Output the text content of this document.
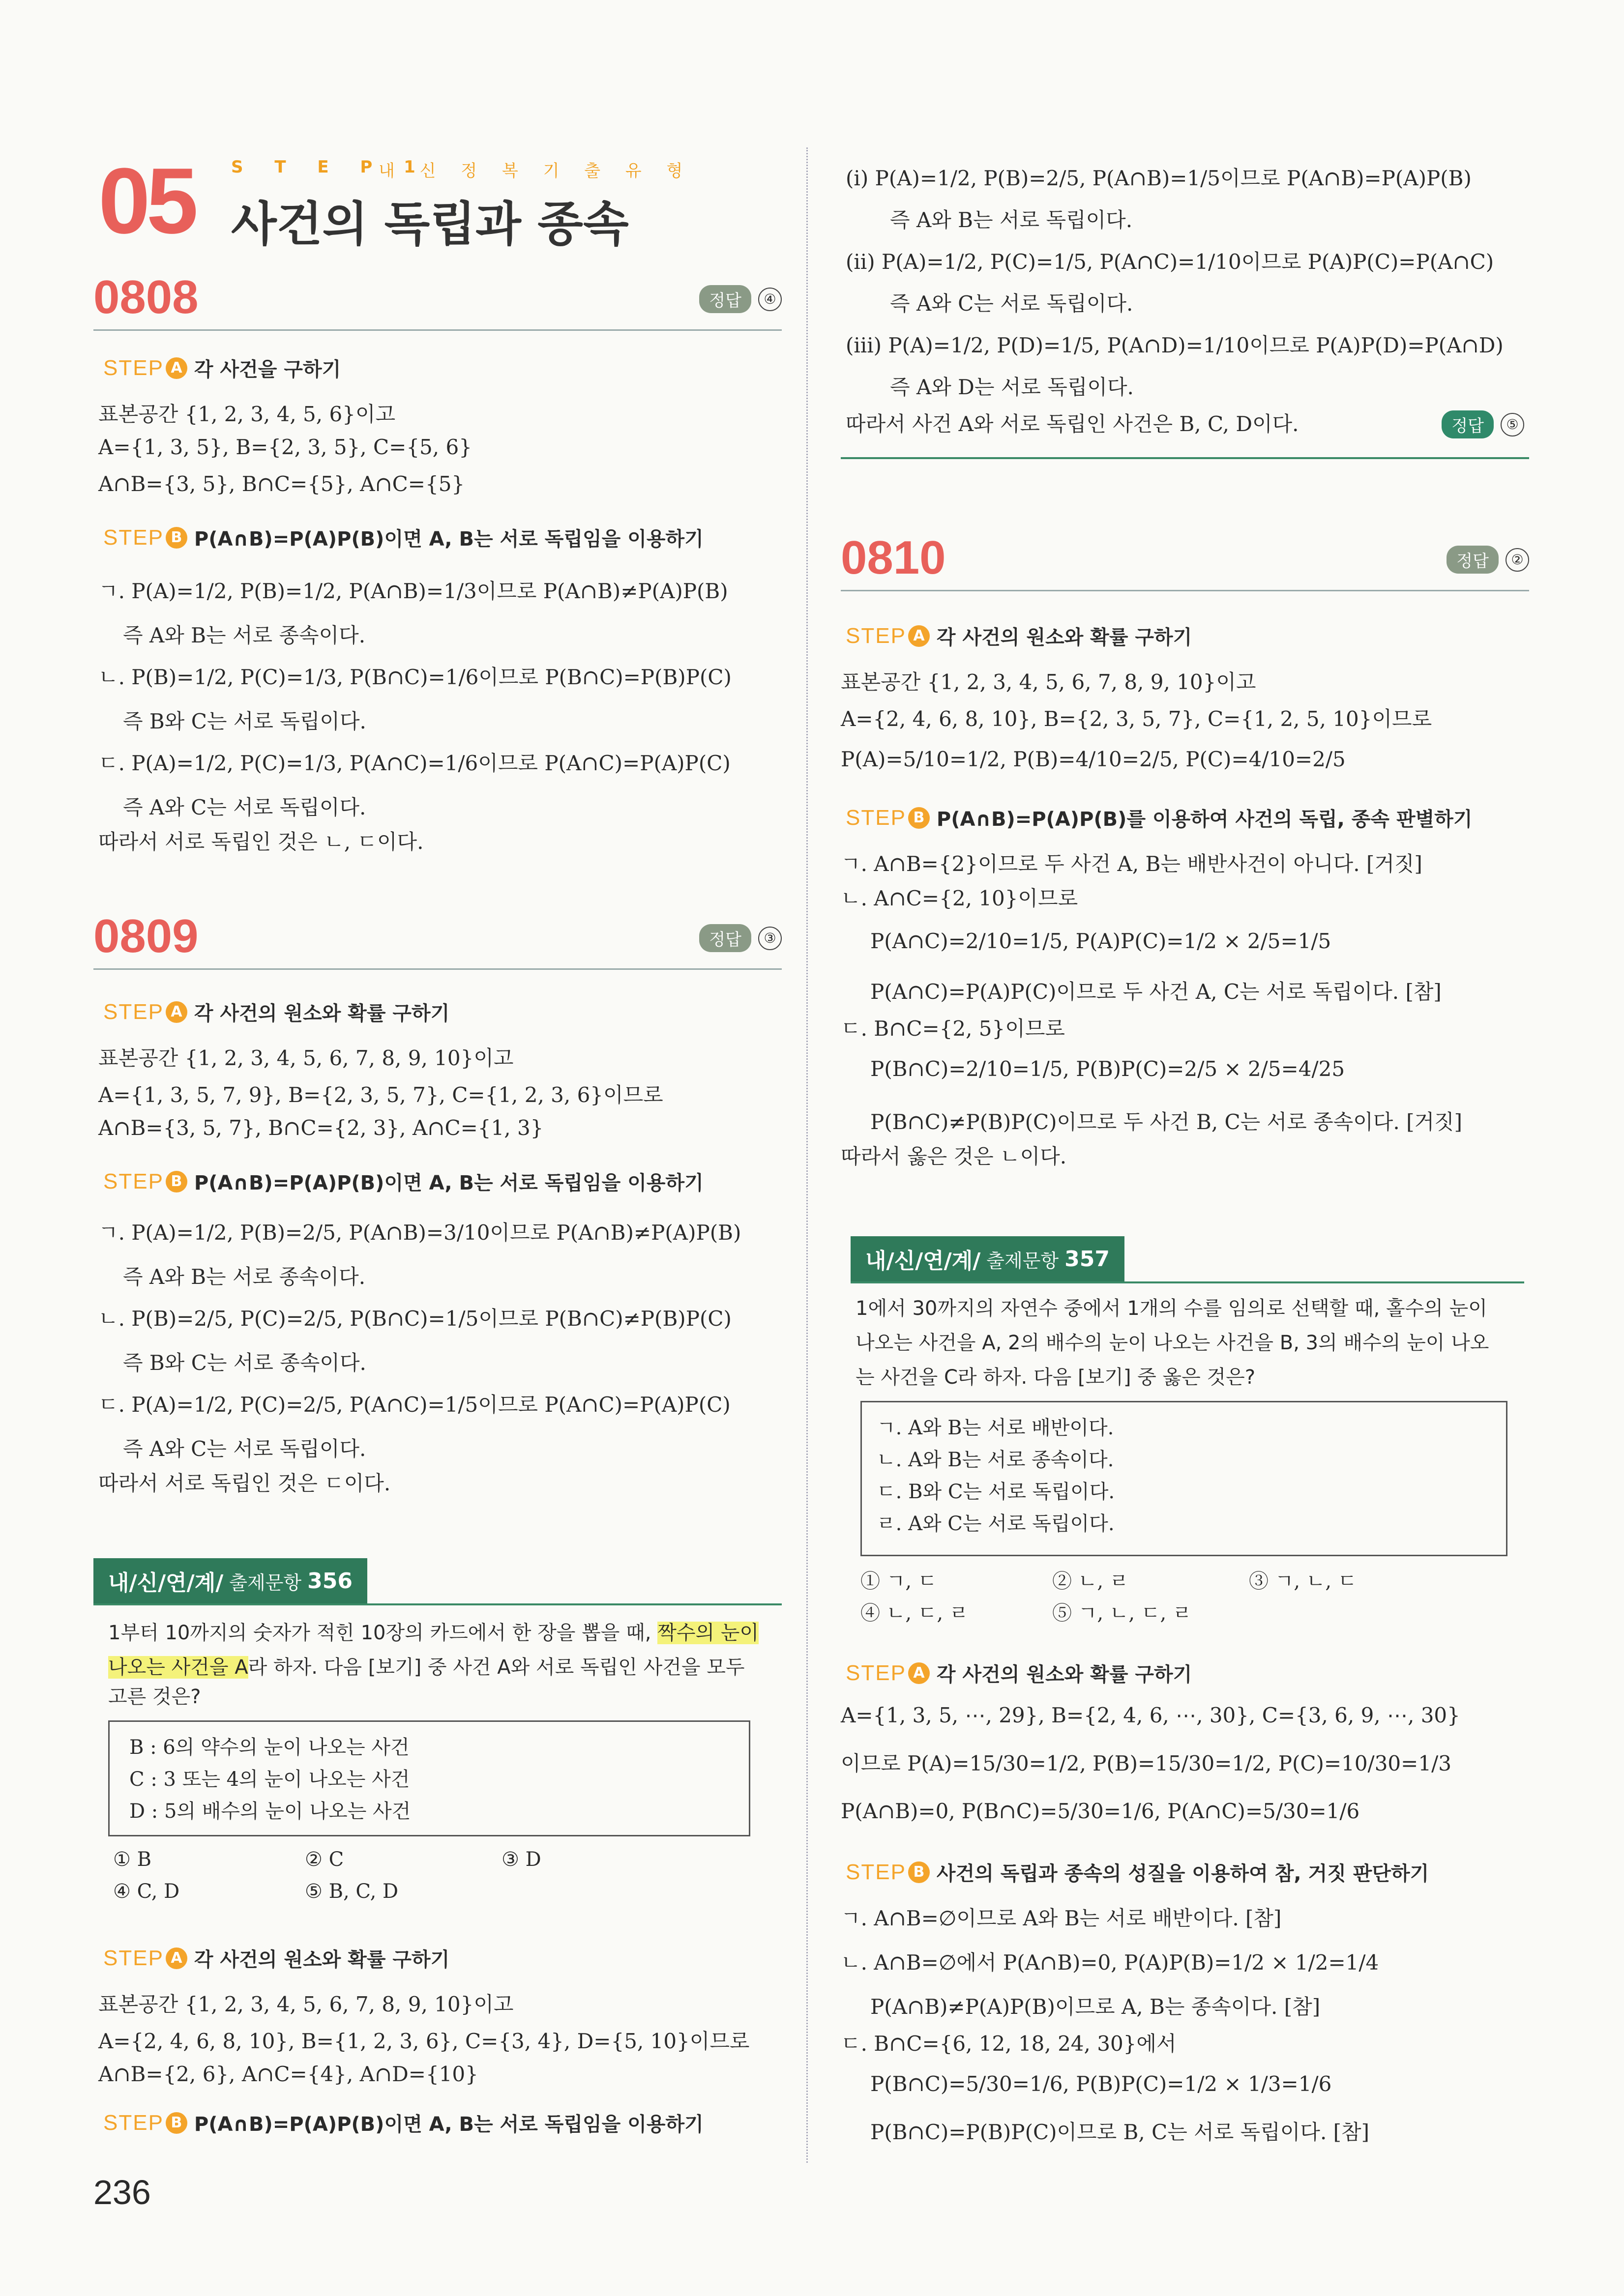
05 S T E P 1
내 신 정 복 기 출 유 형
사건의 독립과 종속
0808	정답	④
STEP A 각 사건을 구하기
표본공간 {1, 2, 3, 4, 5, 6}이고
A={1, 3, 5}, B={2, 3, 5}, C={5, 6}
A∩B={3, 5}, B∩C={5}, A∩C={5}
STEP B P(A∩B)=P(A)P(B)이면 A, B는 서로 독립임을 이용하기
ㄱ. P(A)=1/2, P(B)=1/2, P(A∩B)=1/3이므로 P(A∩B)≠P(A)P(B)
즉 A와 B는 서로 종속이다.
ㄴ. P(B)=1/2, P(C)=1/3, P(B∩C)=1/6이므로 P(B∩C)=P(B)P(C)
즉 B와 C는 서로 독립이다.
ㄷ. P(A)=1/2, P(C)=1/3, P(A∩C)=1/6이므로 P(A∩C)=P(A)P(C)
즉 A와 C는 서로 독립이다.
따라서 서로 독립인 것은 ㄴ, ㄷ이다.
0809	정답	③
STEP A 각 사건의 원소와 확률 구하기
표본공간 {1, 2, 3, 4, 5, 6, 7, 8, 9, 10}이고
A={1, 3, 5, 7, 9}, B={2, 3, 5, 7}, C={1, 2, 3, 6}이므로
A∩B={3, 5, 7}, B∩C={2, 3}, A∩C={1, 3}
STEP B P(A∩B)=P(A)P(B)이면 A, B는 서로 독립임을 이용하기
ㄱ. P(A)=1/2, P(B)=2/5, P(A∩B)=3/10이므로 P(A∩B)≠P(A)P(B)
즉 A와 B는 서로 종속이다.
ㄴ. P(B)=2/5, P(C)=2/5, P(B∩C)=1/5이므로 P(B∩C)≠P(B)P(C)
즉 B와 C는 서로 종속이다.
ㄷ. P(A)=1/2, P(C)=2/5, P(A∩C)=1/5이므로 P(A∩C)=P(A)P(C)
즉 A와 C는 서로 독립이다.
따라서 서로 독립인 것은 ㄷ이다.
내/신/연/계/ 출제문항 356
1부터 10까지의 숫자가 적힌 10장의 카드에서 한 장을 뽑을 때, 짝수의 눈이
나오는 사건을 A라 하자. 다음 [보기] 중 사건 A와 서로 독립인 사건을 모두
고른 것은?
B : 6의 약수의 눈이 나오는 사건
C : 3 또는 4의 눈이 나오는 사건
D : 5의 배수의 눈이 나오는 사건
① B	② C	③ D
④ C, D	⑤ B, C, D
STEP A 각 사건의 원소와 확률 구하기
표본공간 {1, 2, 3, 4, 5, 6, 7, 8, 9, 10}이고
A={2, 4, 6, 8, 10}, B={1, 2, 3, 6}, C={3, 4}, D={5, 10}이므로
A∩B={2, 6}, A∩C={4}, A∩D={10}
STEP B P(A∩B)=P(A)P(B)이면 A, B는 서로 독립임을 이용하기
(ⅰ) P(A)=1/2, P(B)=2/5, P(A∩B)=1/5이므로 P(A∩B)=P(A)P(B)
즉 A와 B는 서로 독립이다.
(ⅱ) P(A)=1/2, P(C)=1/5, P(A∩C)=1/10이므로 P(A)P(C)=P(A∩C)
즉 A와 C는 서로 독립이다.
(ⅲ) P(A)=1/2, P(D)=1/5, P(A∩D)=1/10이므로 P(A)P(D)=P(A∩D)
즉 A와 D는 서로 독립이다.
따라서 사건 A와 서로 독립인 사건은 B, C, D이다.	정답	⑤
0810	정답	②
STEP A 각 사건의 원소와 확률 구하기
표본공간 {1, 2, 3, 4, 5, 6, 7, 8, 9, 10}이고
A={2, 4, 6, 8, 10}, B={2, 3, 5, 7}, C={1, 2, 5, 10}이므로
P(A)=5/10=1/2, P(B)=4/10=2/5, P(C)=4/10=2/5
STEP B P(A∩B)=P(A)P(B)를 이용하여 사건의 독립, 종속 판별하기
ㄱ. A∩B={2}이므로 두 사건 A, B는 배반사건이 아니다. [거짓]
ㄴ. A∩C={2, 10}이므로
P(A∩C)=2/10=1/5, P(A)P(C)=1/2 × 2/5=1/5
P(A∩C)=P(A)P(C)이므로 두 사건 A, C는 서로 독립이다. [참]
ㄷ. B∩C={2, 5}이므로
P(B∩C)=2/10=1/5, P(B)P(C)=2/5 × 2/5=4/25
P(B∩C)≠P(B)P(C)이므로 두 사건 B, C는 서로 종속이다. [거짓]
따라서 옳은 것은 ㄴ이다.
내/신/연/계/ 출제문항 357
1에서 30까지의 자연수 중에서 1개의 수를 임의로 선택할 때, 홀수의 눈이
나오는 사건을 A, 2의 배수의 눈이 나오는 사건을 B, 3의 배수의 눈이 나오
는 사건을 C라 하자. 다음 [보기] 중 옳은 것은?
ㄱ. A와 B는 서로 배반이다.
ㄴ. A와 B는 서로 종속이다.
ㄷ. B와 C는 서로 독립이다.
ㄹ. A와 C는 서로 독립이다.
① ㄱ, ㄷ	② ㄴ, ㄹ	③ ㄱ, ㄴ, ㄷ
④ ㄴ, ㄷ, ㄹ	⑤ ㄱ, ㄴ, ㄷ, ㄹ
STEP A 각 사건의 원소와 확률 구하기
A={1, 3, 5, ⋯, 29}, B={2, 4, 6, ⋯, 30}, C={3, 6, 9, ⋯, 30}
이므로 P(A)=15/30=1/2, P(B)=15/30=1/2, P(C)=10/30=1/3
P(A∩B)=0, P(B∩C)=5/30=1/6, P(A∩C)=5/30=1/6
STEP B 사건의 독립과 종속의 성질을 이용하여 참, 거짓 판단하기
ㄱ. A∩B=∅이므로 A와 B는 서로 배반이다. [참]
ㄴ. A∩B=∅에서 P(A∩B)=0, P(A)P(B)=1/2 × 1/2=1/4
P(A∩B)≠P(A)P(B)이므로 A, B는 종속이다. [참]
ㄷ. B∩C={6, 12, 18, 24, 30}에서
P(B∩C)=5/30=1/6, P(B)P(C)=1/2 × 1/3=1/6
P(B∩C)=P(B)P(C)이므로 B, C는 서로 독립이다. [참]
236
